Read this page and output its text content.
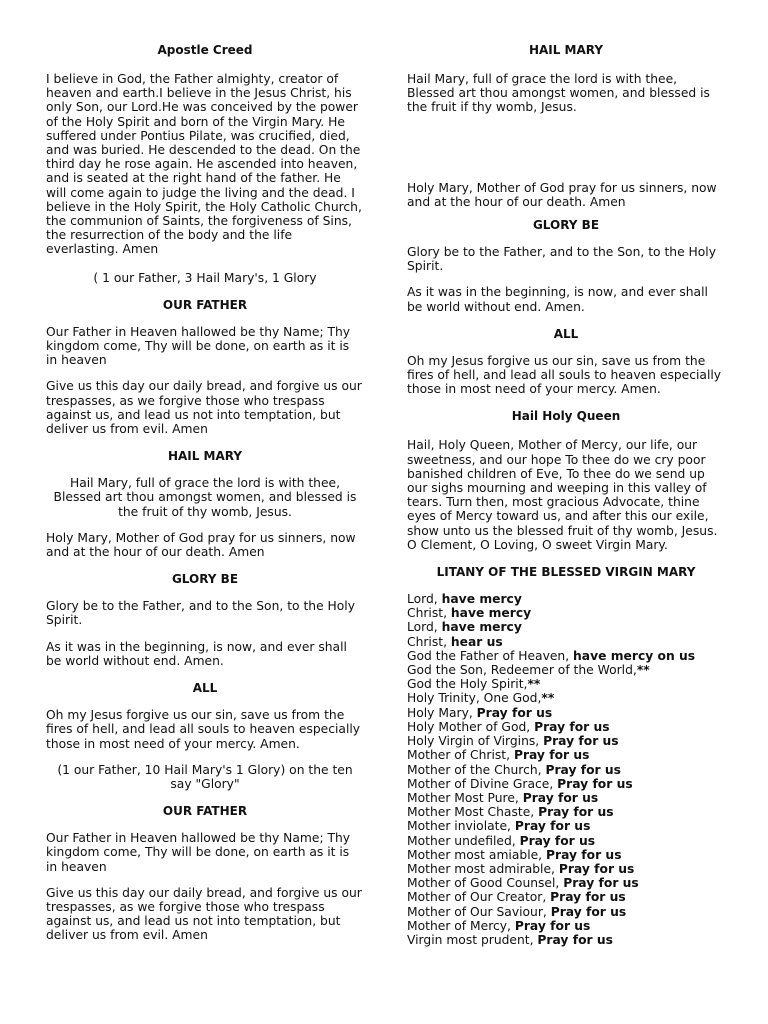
Apostle Creed

I believe in God, the Father almighty, creator of heaven and earth.I believe in the Jesus Christ, his only Son, our Lord.He was conceived by the power of the Holy Spirit and born of the Virgin Mary. He suffered under Pontius Pilate, was crucified, died, and was buried. He descended to the dead. On the third day he rose again. He ascended into heaven, and is seated at the right hand of the father. He will come again to judge the living and the dead. I believe in the Holy Spirit, the Holy Catholic Church, the communion of Saints, the forgiveness of Sins, the resurrection of the body and the life everlasting. Amen

( 1 our Father, 3 Hail Mary's, 1 Glory

OUR FATHER

Our Father in Heaven hallowed be thy Name; Thy kingdom come, Thy will be done, on earth as it is in heaven

Give us this day our daily bread, and forgive us our trespasses, as we forgive those who trespass against us, and lead us not into temptation, but deliver us from evil. Amen

HAIL MARY

Hail Mary, full of grace the lord is with thee, Blessed art thou amongst women, and blessed is the fruit of thy womb, Jesus.

Holy Mary, Mother of God pray for us sinners, now and at the hour of our death. Amen

GLORY BE

Glory be to the Father, and to the Son, to the Holy Spirit.

As it was in the beginning, is now, and ever shall be world without end. Amen.

ALL

Oh my Jesus forgive us our sin, save us from the fires of hell, and lead all souls to heaven especially those in most need of your mercy. Amen.

(1 our Father, 10 Hail Mary's 1 Glory) on the ten say "Glory"

OUR FATHER

Our Father in Heaven hallowed be thy Name; Thy kingdom come, Thy will be done, on earth as it is in heaven

Give us this day our daily bread, and forgive us our trespasses, as we forgive those who trespass against us, and lead us not into temptation, but deliver us from evil. Amen

HAIL MARY

Hail Mary, full of grace the lord is with thee, Blessed art thou amongst women, and blessed is the fruit if thy womb, Jesus.

Holy Mary, Mother of God pray for us sinners, now and at the hour of our death. Amen

GLORY BE

Glory be to the Father, and to the Son, to the Holy Spirit.

As it was in the beginning, is now, and ever shall be world without end. Amen.

ALL

Oh my Jesus forgive us our sin, save us from the fires of hell, and lead all souls to heaven especially those in most need of your mercy. Amen.

Hail Holy Queen

Hail, Holy Queen, Mother of Mercy, our life, our sweetness, and our hope To thee do we cry poor banished children of Eve, To thee do we send up our sighs mourning and weeping in this valley of tears. Turn then, most gracious Advocate, thine eyes of Mercy toward us, and after this our exile, show unto us the blessed fruit of thy womb, Jesus. O Clement, O Loving, O sweet Virgin Mary.

LITANY OF THE BLESSED VIRGIN MARY

Lord, have mercy

Christ, have mercy

Lord, have mercy

Christ, hear us

God the Father of Heaven, have mercy on us

God the Son, Redeemer of the World,**

God the Holy Spirit,**

Holy Trinity, One God,**

Holy Mary, Pray for us

Holy Mother of God, Pray for us

Holy Virgin of Virgins, Pray for us

Mother of Christ, Pray for us

Mother of the Church, Pray for us

Mother of Divine Grace, Pray for us

Mother Most Pure, Pray for us

Mother Most Chaste, Pray for us

Mother inviolate, Pray for us

Mother undefiled, Pray for us

Mother most amiable, Pray for us

Mother most admirable, Pray for us

Mother of Good Counsel, Pray for us

Mother of Our Creator, Pray for us

Mother of Our Saviour, Pray for us

Mother of Mercy, Pray for us

Virgin most prudent, Pray for us
